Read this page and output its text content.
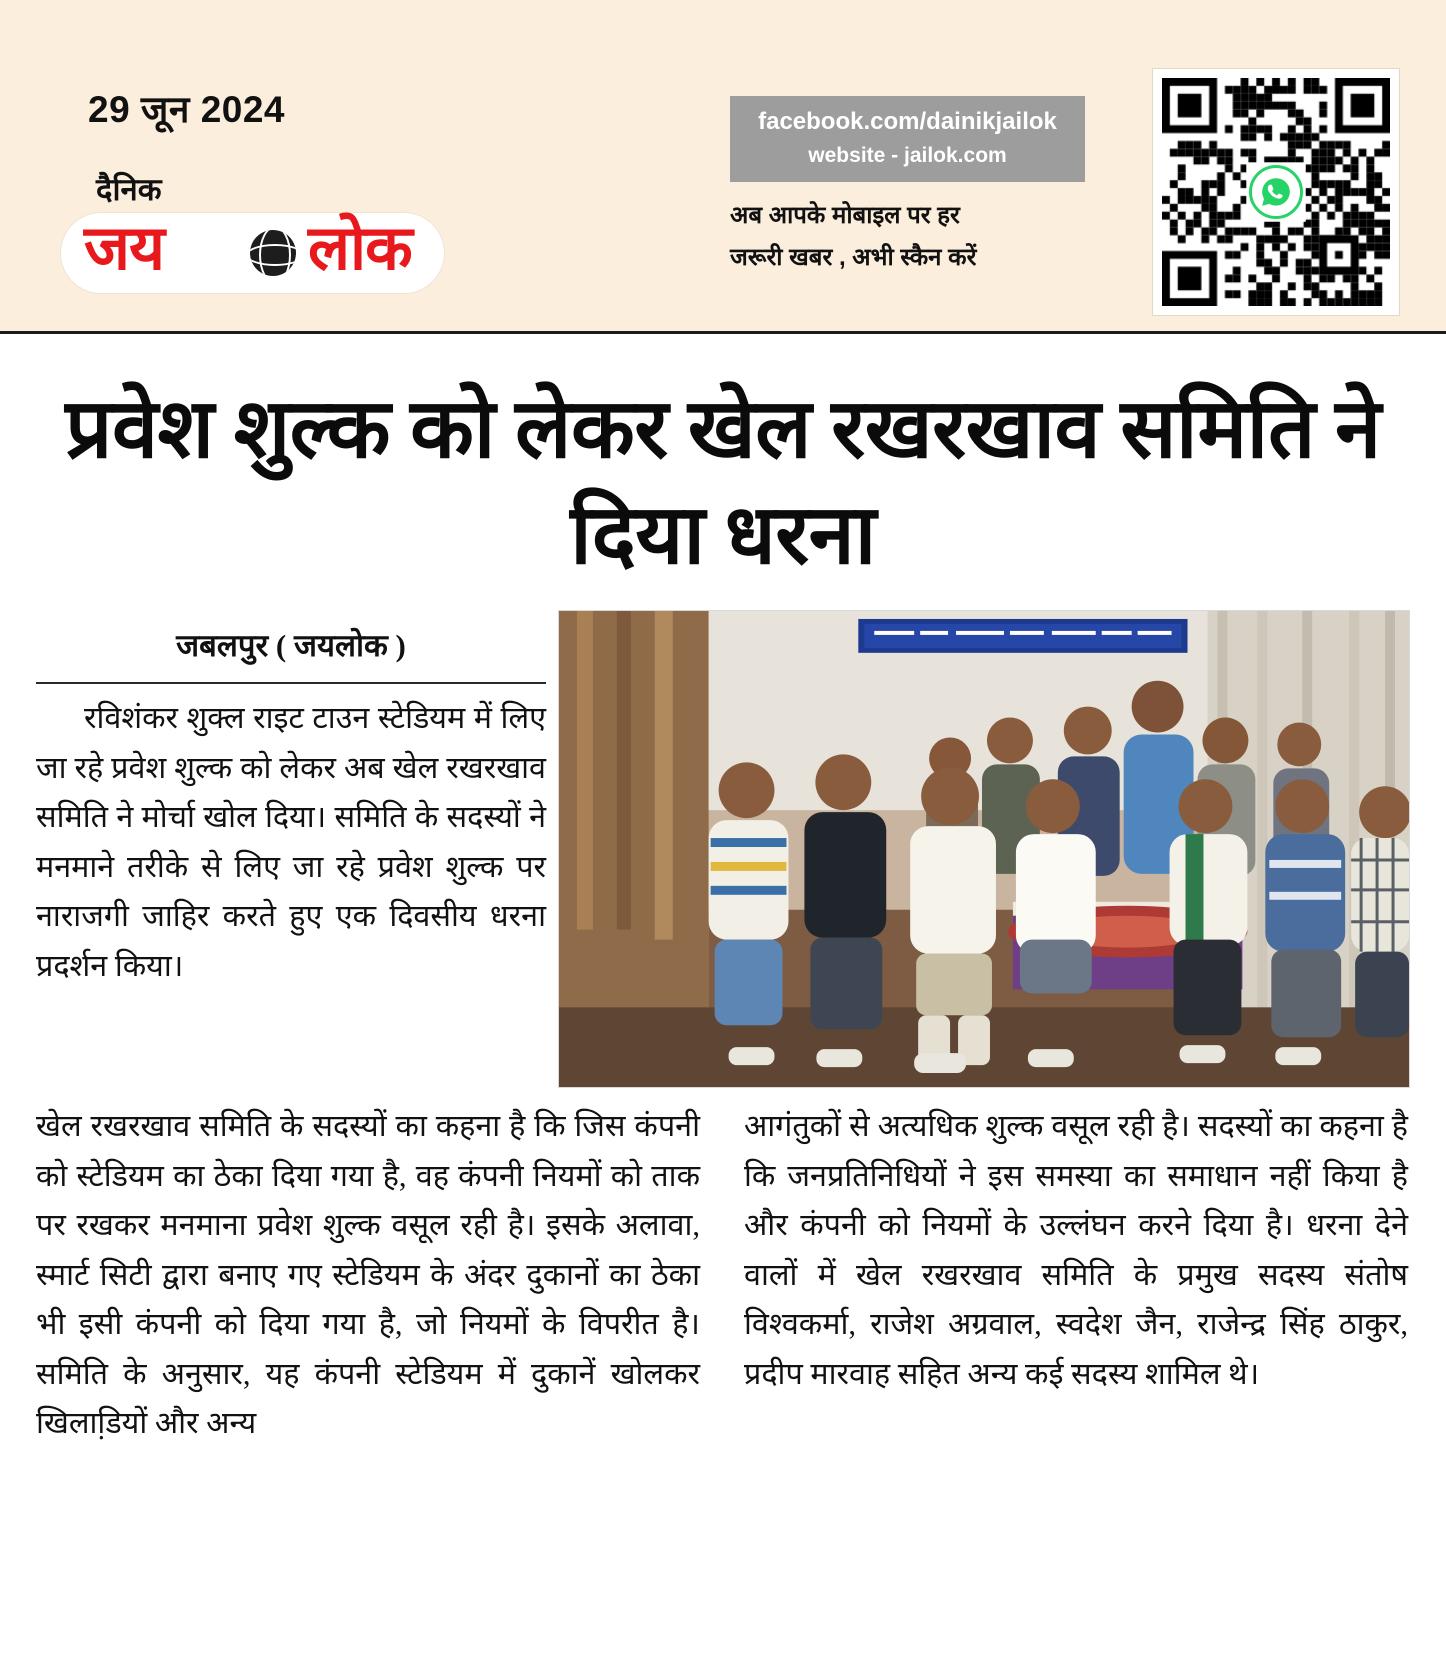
29 जून 2024
दैनिक
जय लोक
facebook.com/dainikjailok
website - jailok.com
अब आपके मोबाइल पर हर
जरूरी खबर , अभी स्कैन करें
प्रवेश शुल्क को लेकर खेल रखरखाव समिति ने दिया धरना
जबलपुर ( जयलोक )

रविशंकर शुक्ल राइट टाउन स्टेडियम में लिए जा रहे प्रवेश शुल्क को लेकर अब खेल रखरखाव समिति ने मोर्चा खोल दिया। समिति के सदस्यों ने मनमाने तरीके से लिए जा रहे प्रवेश शुल्क पर नाराजगी जाहिर करते हुए एक दिवसीय धरना प्रदर्शन किया।

खेल रखरखाव समिति के सदस्यों का कहना है कि जिस कंपनी को स्टेडियम का ठेका दिया गया है, वह कंपनी नियमों को ताक पर रखकर मनमाना प्रवेश शुल्क वसूल रही है। इसके अलावा, स्मार्ट सिटी द्वारा बनाए गए स्टेडियम के अंदर दुकानों का ठेका भी इसी कंपनी को दिया गया है, जो नियमों के विपरीत है। समिति के अनुसार, यह कंपनी स्टेडियम में दुकानें खोलकर खिलाडि़यों और अन्य

आगंतुकों से अत्यधिक शुल्क वसूल रही है। सदस्यों का कहना है कि जनप्रतिनिधियों ने इस समस्या का समाधान नहीं किया है और कंपनी को नियमों के उल्लंघन करने दिया है। धरना देने वालों में खेल रखरखाव समिति के प्रमुख सदस्य संतोष विश्वकर्मा, राजेश अग्रवाल, स्वदेश जैन, राजेन्द्र सिंह ठाकुर, प्रदीप मारवाह सहित अन्य कई सदस्य शामिल थे।
